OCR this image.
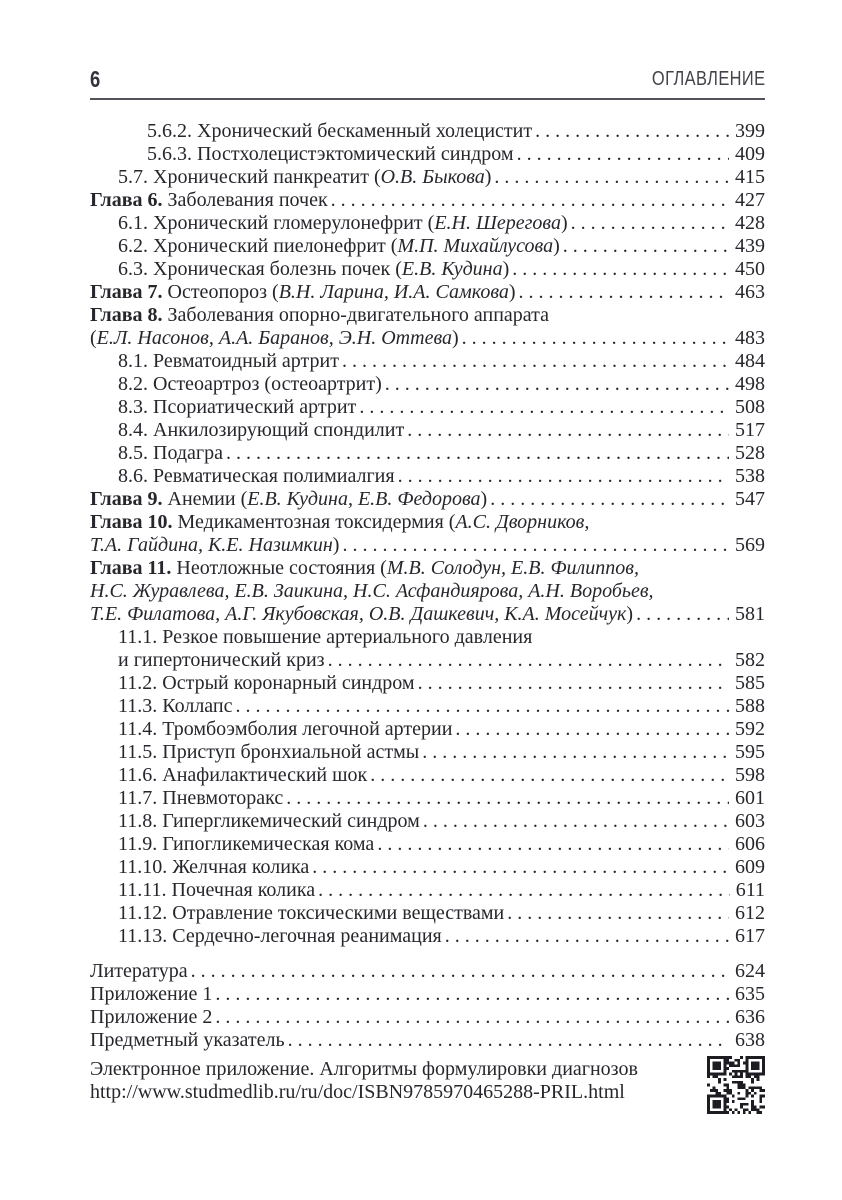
6	ОГЛАВЛЕНИЕ
5.6.2. Хронический бескаменный холецистит . . .	399
5.6.3. Постхолецистэктомический синдром . . .	409
5.7. Хронический панкреатит (О.В. Быкова) . . .	415
Глава 6. Заболевания почек . . .	427
6.1. Хронический гломерулонефрит (Е.Н. Шерегова) . . .	428
6.2. Хронический пиелонефрит (М.П. Михайлусова) . . .	439
6.3. Хроническая болезнь почек (Е.В. Кудина) . . .	450
Глава 7. Остеопороз (В.Н. Ларина, И.А. Самкова) . . .	463
Глава 8. Заболевания опорно-двигательного аппарата
(Е.Л. Насонов, А.А. Баранов, Э.Н. Оттева) . . .	483
8.1. Ревматоидный артрит . . .	484
8.2. Остеоартроз (остеоартрит) . . .	498
8.3. Псориатический артрит . . .	508
8.4. Анкилозирующий спондилит . . .	517
8.5. Подагра . . .	528
8.6. Ревматическая полимиалгия . . .	538
Глава 9. Анемии (Е.В. Кудина, Е.В. Федорова) . . .	547
Глава 10. Медикаментозная токсидермия (А.С. Дворников,
Т.А. Гайдина, К.Е. Назимкин) . . .	569
Глава 11. Неотложные состояния (М.В. Солодун, Е.В. Филиппов,
Н.С. Журавлева, Е.В. Заикина, Н.С. Асфандиярова, А.Н. Воробьев,
Т.Е. Филатова, А.Г. Якубовская, О.В. Дашкевич, К.А. Мосейчук) . . .	581
11.1. Резкое повышение артериального давления
и гипертонический криз . . .	582
11.2. Острый коронарный синдром . . .	585
11.3. Коллапс . . .	588
11.4. Тромбоэмболия легочной артерии . . .	592
11.5. Приступ бронхиальной астмы . . .	595
11.6. Анафилактический шок . . .	598
11.7. Пневмоторакс . . .	601
11.8. Гипергликемический синдром . . .	603
11.9. Гипогликемическая кома . . .	606
11.10. Желчная колика . . .	609
11.11. Почечная колика . . .	611
11.12. Отравление токсическими веществами . . .	612
11.13. Сердечно-легочная реанимация . . .	617
Литература . . .	624
Приложение 1 . . .	635
Приложение 2 . . .	636
Предметный указатель . . .	638
Электронное приложение. Алгоритмы формулировки диагнозов
http://www.studmedlib.ru/ru/doc/ISBN9785970465288-PRIL.html
